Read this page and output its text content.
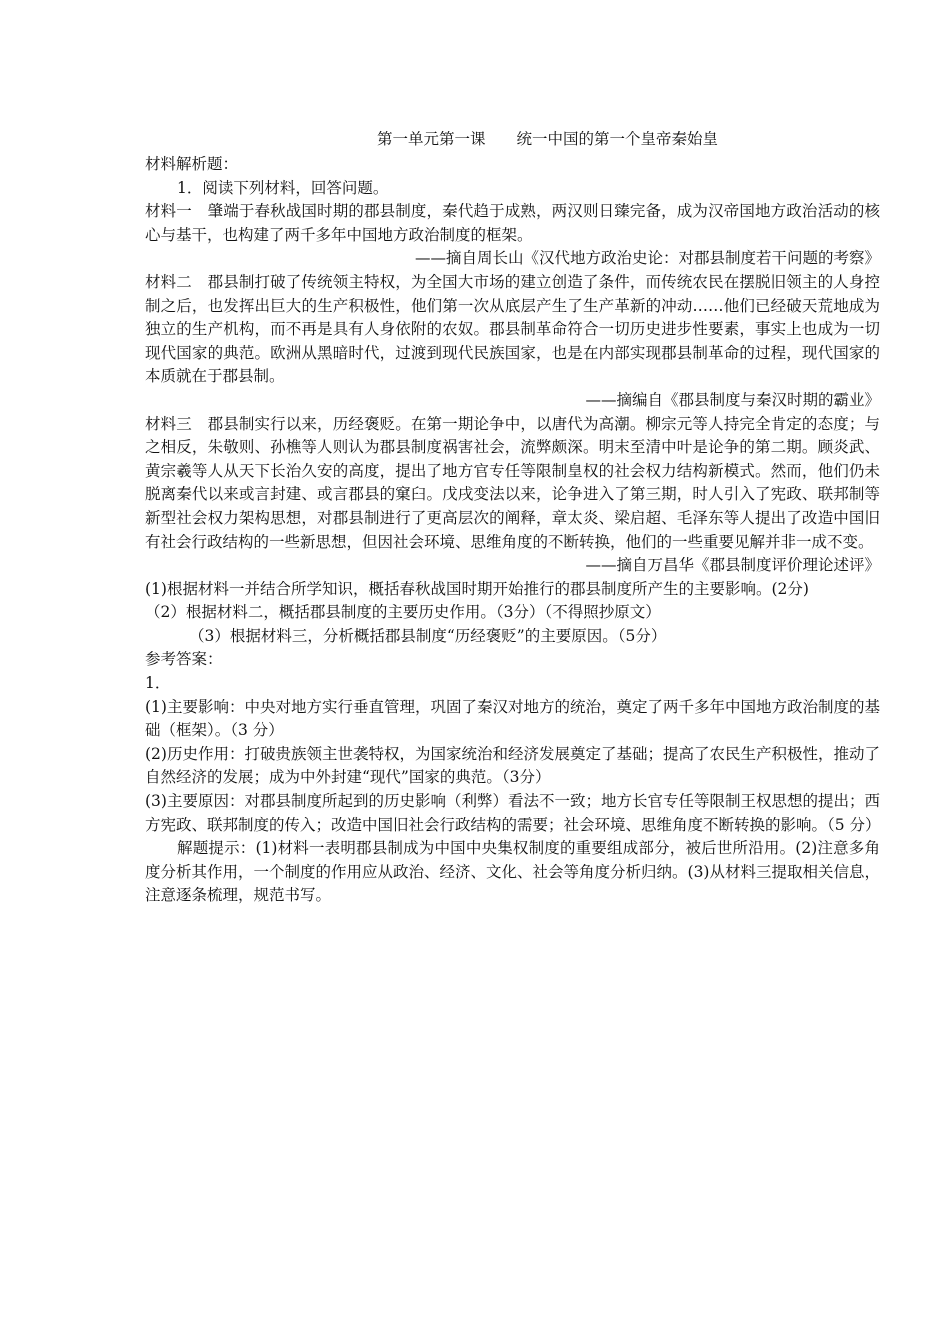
第一单元第一课　　统一中国的第一个皇帝秦始皇
材料解析题：
1．阅读下列材料，回答问题。
材料一　肇端于春秋战国时期的郡县制度，秦代趋于成熟，两汉则日臻完备，成为汉帝国地方政治活动的核心与基干，也构建了两千多年中国地方政治制度的框架。
——摘自周长山《汉代地方政治史论：对郡县制度若干问题的考察》
材料二　郡县制打破了传统领主特权，为全国大市场的建立创造了条件，而传统农民在摆脱旧领主的人身控制之后，也发挥出巨大的生产积极性，他们第一次从底层产生了生产革新的冲动……他们已经破天荒地成为独立的生产机构，而不再是具有人身依附的农奴。郡县制革命符合一切历史进步性要素，事实上也成为一切现代国家的典范。欧洲从黑暗时代，过渡到现代民族国家，也是在内部实现郡县制革命的过程，现代国家的本质就在于郡县制。
——摘编自《郡县制度与秦汉时期的霸业》
材料三　郡县制实行以来，历经褒贬。在第一期论争中，以唐代为高潮。柳宗元等人持完全肯定的态度；与之相反，朱敬则、孙樵等人则认为郡县制度祸害社会，流弊颇深。明末至清中叶是论争的第二期。顾炎武、黄宗羲等人从天下长治久安的高度，提出了地方官专任等限制皇权的社会权力结构新模式。然而，他们仍未脱离秦代以来或言封建、或言郡县的窠臼。戊戌变法以来，论争进入了第三期，时人引入了宪政、联邦制等新型社会权力架构思想，对郡县制进行了更高层次的阐释，章太炎、梁启超、毛泽东等人提出了改造中国旧有社会行政结构的一些新思想，但因社会环境、思维角度的不断转换，他们的一些重要见解并非一成不变。
——摘自万昌华《郡县制度评价理论述评》
(1)根据材料一并结合所学知识，概括春秋战国时期开始推行的郡县制度所产生的主要影响。(2分)
（2）根据材料二，概括郡县制度的主要历史作用。（3分）（不得照抄原文）
（3）根据材料三，分析概括郡县制度“历经褒贬”的主要原因。（5分）
参考答案：
1．
(1)主要影响：中央对地方实行垂直管理，巩固了秦汉对地方的统治，奠定了两千多年中国地方政治制度的基础（框架）。（3 分）
(2)历史作用：打破贵族领主世袭特权，为国家统治和经济发展奠定了基础；提高了农民生产积极性，推动了自然经济的发展；成为中外封建“现代”国家的典范。（3分）
(3)主要原因：对郡县制度所起到的历史影响（利弊）看法不一致；地方长官专任等限制王权思想的提出；西方宪政、联邦制度的传入；改造中国旧社会行政结构的需要；社会环境、思维角度不断转换的影响。（5 分）
解题提示：(1)材料一表明郡县制成为中国中央集权制度的重要组成部分，被后世所沿用。(2)注意多角度分析其作用，一个制度的作用应从政治、经济、文化、社会等角度分析归纳。(3)从材料三提取相关信息，注意逐条梳理，规范书写。
